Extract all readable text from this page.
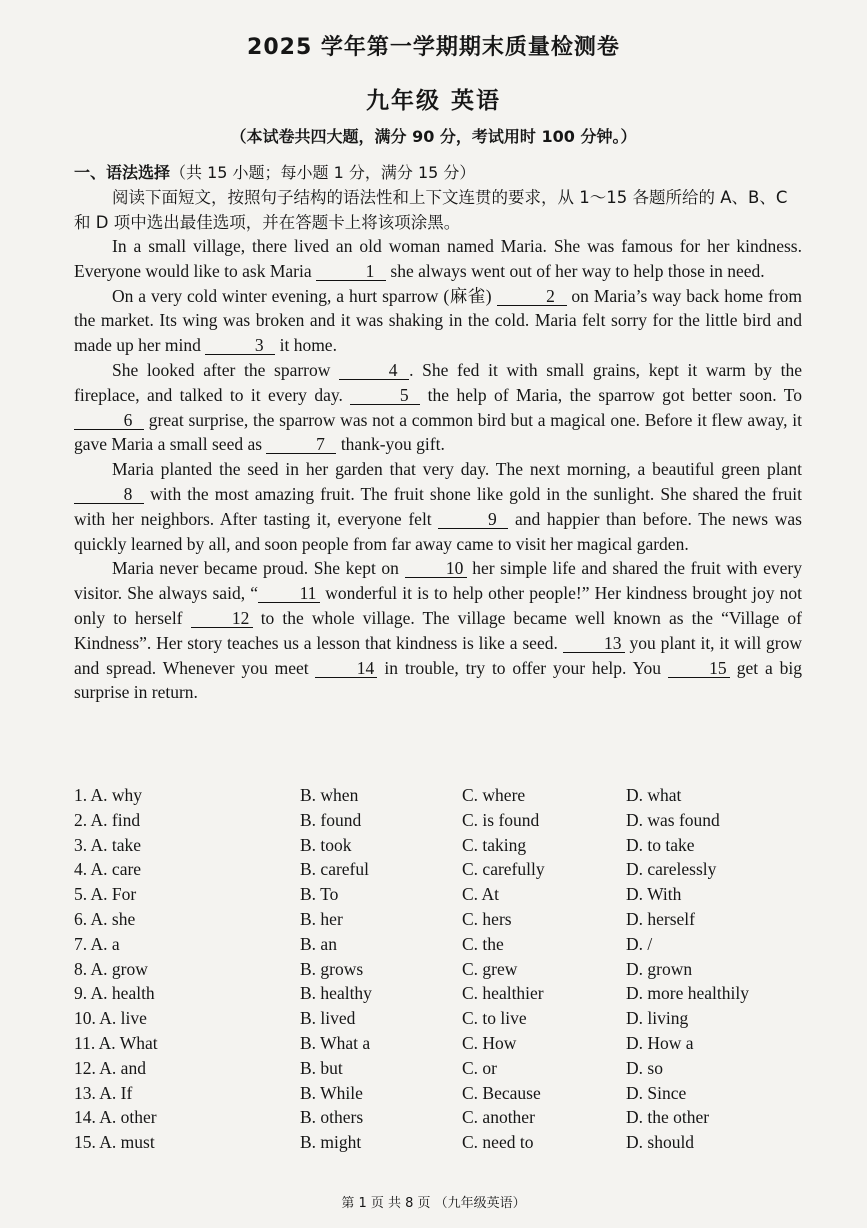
2025 学年第一学期期末质量检测卷
九年级 英语
（本试卷共四大题，满分 90 分，考试用时 100 分钟。）
一、语法选择（共 15 小题；每小题 1 分，满分 15 分）
阅读下面短文，按照句子结构的语法性和上下文连贯的要求，从 1～15 各题所给的 A、B、C 和 D 项中选出最佳选项，并在答题卡上将该项涂黑。

In a small village, there lived an old woman named Maria. She was famous for her kindness. Everyone would like to ask Maria	1 she always went out of her way to help those in need.

On a very cold winter evening, a hurt sparrow (麻雀)	2 on Maria’s way back home from the market. Its wing was broken and it was shaking in the cold. Maria felt sorry for the little bird and made up her mind	3 it home.

She looked after the sparrow	4 . She fed it with small grains, kept it warm by the fireplace, and talked to it every day.	5 the help of Maria, the sparrow got better soon. To 6 great surprise, the sparrow was not a common bird but a magical one. Before it flew away, it gave Maria a small seed as	7 thank-you gift.

Maria planted the seed in her garden that very day. The next morning, a beautiful green plant 8 with the most amazing fruit. The fruit shone like gold in the sunlight. She shared the fruit with her neighbors. After tasting it, everyone felt	9 and happier than before. The news was quickly learned by all, and soon people from far away came to visit her magical garden.

Maria never became proud. She kept on 10 her simple life and shared the fruit with every visitor. She always said, “ 11 wonderful it is to help other people!” Her kindness brought joy not only to herself 12 to the whole village. The village became well known as the “Village of Kindness”. Her story teaches us a lesson that kindness is like a seed. 13 you plant it, it will grow and spread. Whenever you meet 14 in trouble, try to offer your help. You 15 get a big surprise in return.

1. A. why	B. when	C. where	D. what
2. A. find	B. found	C. is found	D. was found
3. A. take	B. took	C. taking	D. to take
4. A. care	B. careful	C. carefully	D. carelessly
5. A. For	B. To	C. At	D. With
6. A. she	B. her	C. hers	D. herself
7. A. a	B. an	C. the	D. /
8. A. grow	B. grows	C. grew	D. grown
9. A. health	B. healthy	C. healthier	D. more healthily
10. A. live	B. lived	C. to live	D. living
11. A. What	B. What a	C. How	D. How a
12. A. and	B. but	C. or	D. so
13. A. If	B. While	C. Because	D. Since
14. A. other	B. others	C. another	D. the other
15. A. must	B. might	C. need to	D. should
第 1 页 共 8 页 （九年级英语）
